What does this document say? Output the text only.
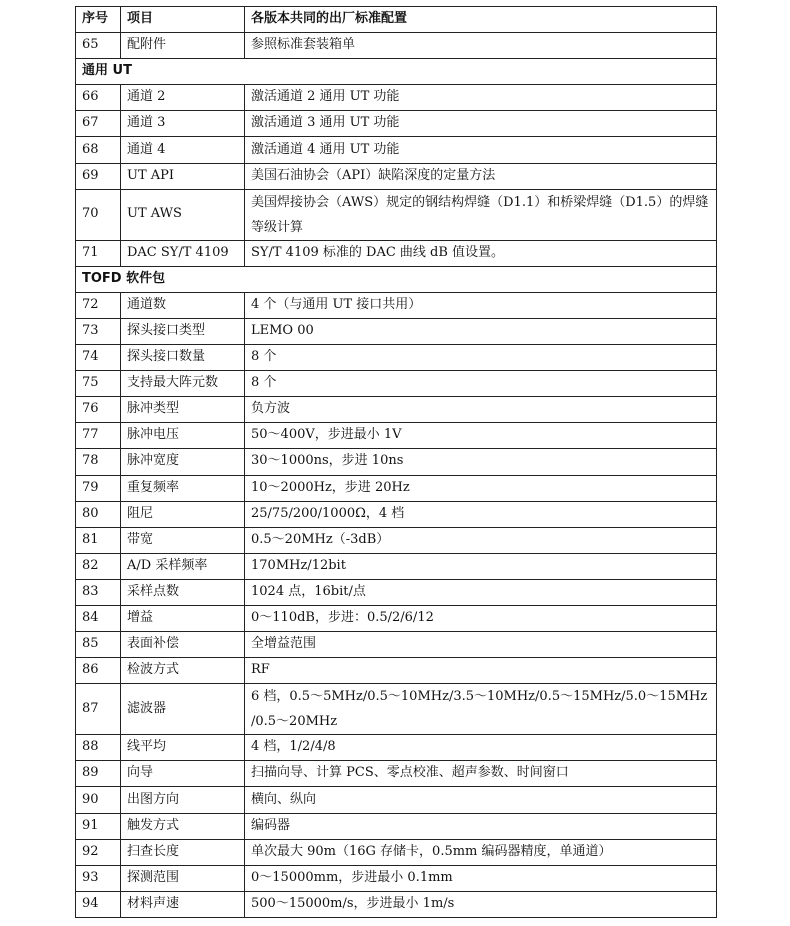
序号	项目	各版本共同的出厂标准配置
65	配附件	参照标准套装箱单
通用 UT		
66	通道 2	激活通道 2 通用 UT 功能
67	通道 3	激活通道 3 通用 UT 功能
68	通道 4	激活通道 4 通用 UT 功能
69	UT API	美国石油协会（API）缺陷深度的定量方法
70	UT AWS	美国焊接协会（AWS）规定的钢结构焊缝（D1.1）和桥梁焊缝（D1.5）的焊缝等级计算
71	DAC SY/T 4109	SY/T 4109 标准的 DAC 曲线 dB 值设置。
TOFD 软件包		
72	通道数	4 个（与通用 UT 接口共用）
73	探头接口类型	LEMO 00
74	探头接口数量	8 个
75	支持最大阵元数	8 个
76	脉冲类型	负方波
77	脉冲电压	50～400V，步进最小 1V
78	脉冲宽度	30～1000ns，步进 10ns
79	重复频率	10～2000Hz，步进 20Hz
80	阻尼	25/75/200/1000Ω，4 档
81	带宽	0.5～20MHz（-3dB）
82	A/D 采样频率	170MHz/12bit
83	采样点数	1024 点，16bit/点
84	增益	0～110dB，步进：0.5/2/6/12
85	表面补偿	全增益范围
86	检波方式	RF
87	滤波器	6 档，0.5～5MHz/0.5～10MHz/3.5～10MHz/0.5～15MHz/5.0～15MHz /0.5～20MHz
88	线平均	4 档，1/2/4/8
89	向导	扫描向导、计算 PCS、零点校准、超声参数、时间窗口
90	出图方向	横向、纵向
91	触发方式	编码器
92	扫查长度	单次最大 90m（16G 存储卡，0.5mm 编码器精度，单通道）
93	探测范围	0～15000mm，步进最小 0.1mm
94	材料声速	500～15000m/s，步进最小 1m/s
